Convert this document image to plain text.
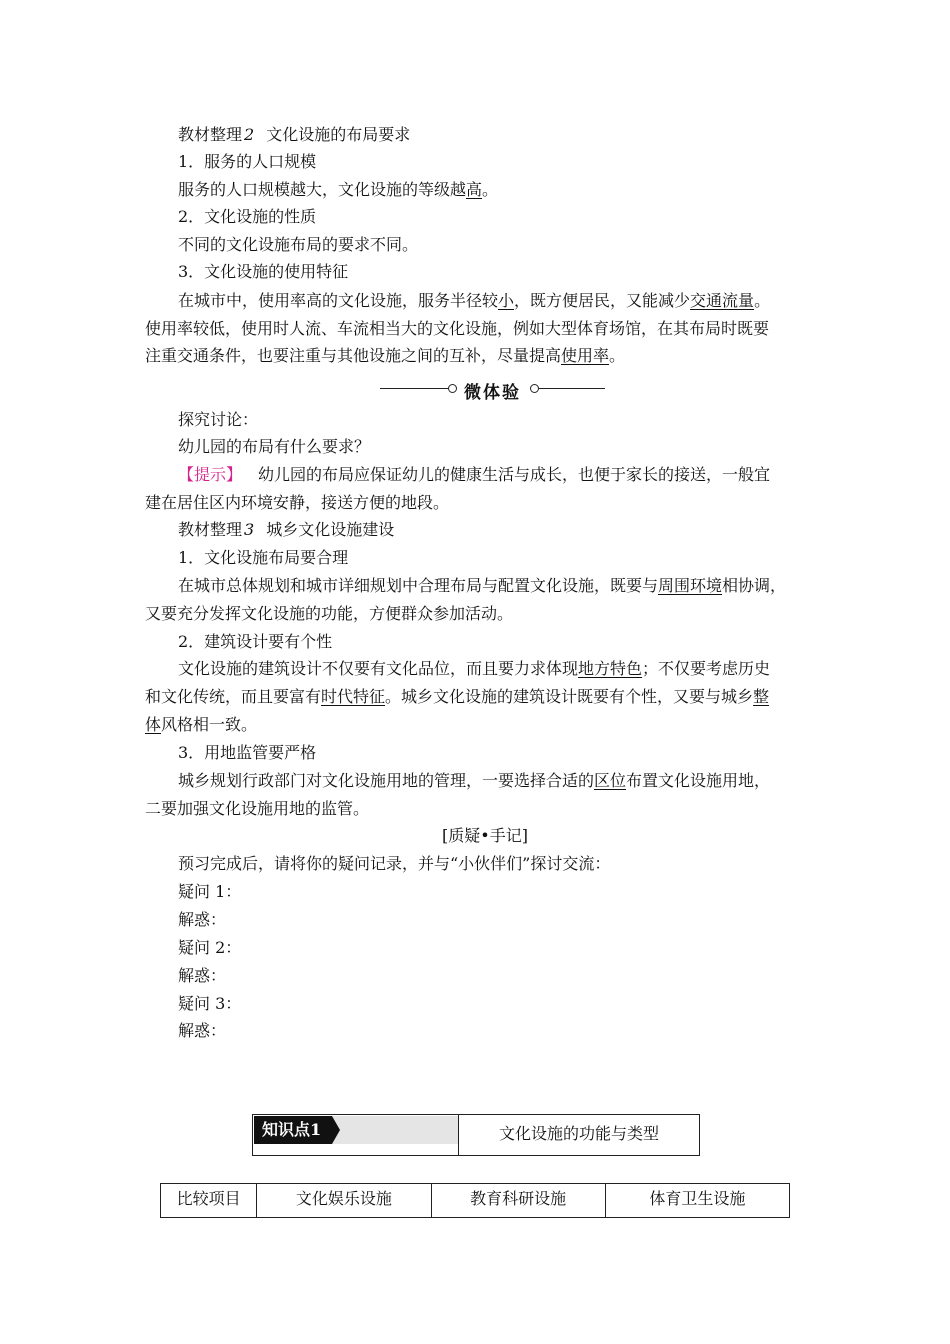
教材整理 2 文化设施的布局要求
1．服务的人口规模
服务的人口规模越大，文化设施的等级越高。
2．文化设施的性质
不同的文化设施布局的要求不同。
3．文化设施的使用特征
在城市中，使用率高的文化设施，服务半径较小，既方便居民，又能减少交通流量。
使用率较低，使用时人流、车流相当大的文化设施，例如大型体育场馆，在其布局时既要
注重交通条件，也要注重与其他设施之间的互补，尽量提高使用率。
微体验
探究讨论：
幼儿园的布局有什么要求？
【提示】 幼儿园的布局应保证幼儿的健康生活与成长，也便于家长的接送，一般宜
建在居住区内环境安静，接送方便的地段。
教材整理 3 城乡文化设施建设
1．文化设施布局要合理
在城市总体规划和城市详细规划中合理布局与配置文化设施，既要与周围环境相协调，
又要充分发挥文化设施的功能，方便群众参加活动。
2．建筑设计要有个性
文化设施的建筑设计不仅要有文化品位，而且要力求体现地方特色；不仅要考虑历史
和文化传统，而且要富有时代特征。城乡文化设施的建筑设计既要有个性，又要与城乡整
体风格相一致。
3．用地监管要严格
城乡规划行政部门对文化设施用地的管理，一要选择合适的区位布置文化设施用地，
二要加强文化设施用地的监管。
[质疑•手记]
预习完成后，请将你的疑问记录，并与“小伙伴们”探讨交流：
疑问 1：
解惑：
疑问 2：
解惑：
疑问 3：
解惑：
知识点1	文化设施的功能与类型
比较项目	文化娱乐设施	教育科研设施	体育卫生设施
